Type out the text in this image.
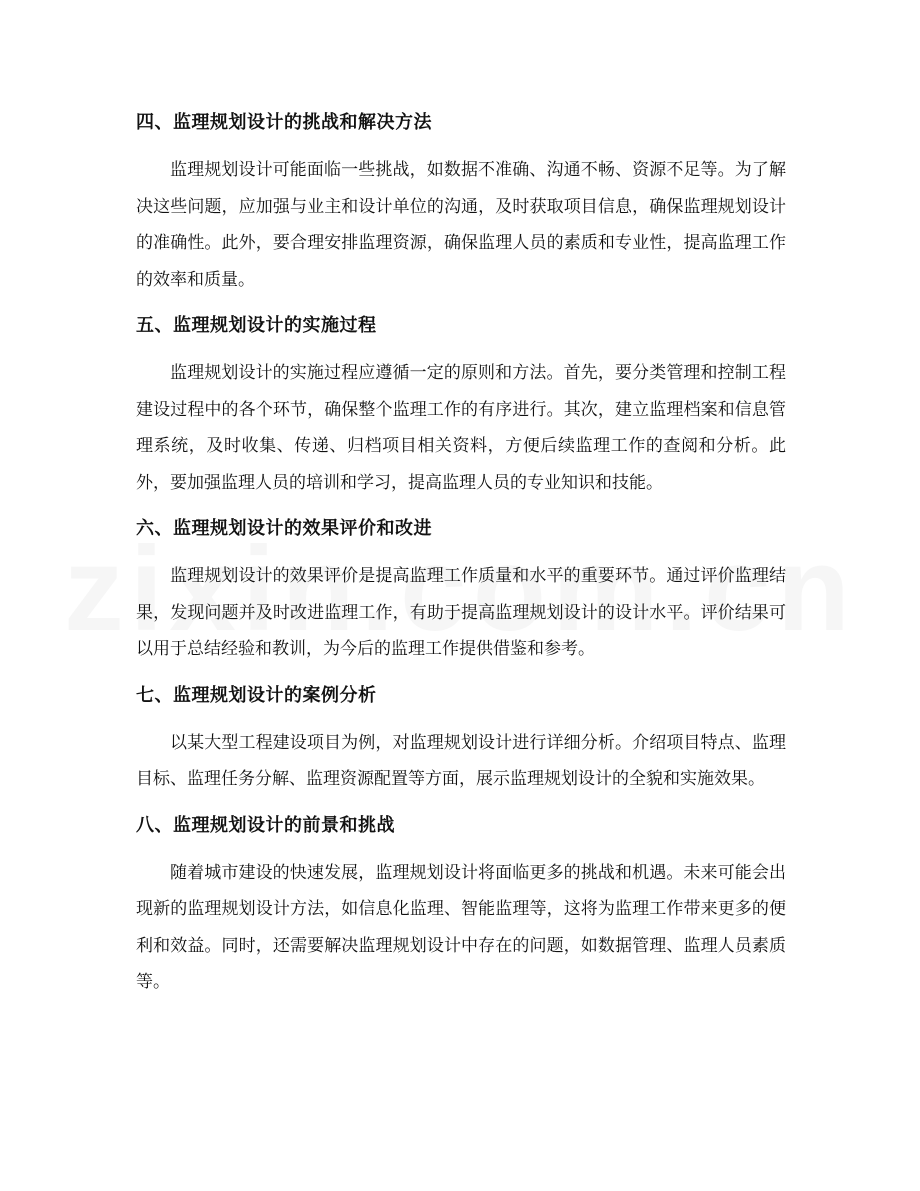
四、监理规划设计的挑战和解决方法

监理规划设计可能面临一些挑战，如数据不准确、沟通不畅、资源不足等。为了解决这些问题，应加强与业主和设计单位的沟通，及时获取项目信息，确保监理规划设计的准确性。此外，要合理安排监理资源，确保监理人员的素质和专业性，提高监理工作的效率和质量。

五、监理规划设计的实施过程

监理规划设计的实施过程应遵循一定的原则和方法。首先，要分类管理和控制工程建设过程中的各个环节，确保整个监理工作的有序进行。其次，建立监理档案和信息管理系统，及时收集、传递、归档项目相关资料，方便后续监理工作的查阅和分析。此外，要加强监理人员的培训和学习，提高监理人员的专业知识和技能。

六、监理规划设计的效果评价和改进

监理规划设计的效果评价是提高监理工作质量和水平的重要环节。通过评价监理结果，发现问题并及时改进监理工作，有助于提高监理规划设计的设计水平。评价结果可以用于总结经验和教训，为今后的监理工作提供借鉴和参考。

七、监理规划设计的案例分析

以某大型工程建设项目为例，对监理规划设计进行详细分析。介绍项目特点、监理目标、监理任务分解、监理资源配置等方面，展示监理规划设计的全貌和实施效果。

八、监理规划设计的前景和挑战

随着城市建设的快速发展，监理规划设计将面临更多的挑战和机遇。未来可能会出现新的监理规划设计方法，如信息化监理、智能监理等，这将为监理工作带来更多的便利和效益。同时，还需要解决监理规划设计中存在的问题，如数据管理、监理人员素质等。
